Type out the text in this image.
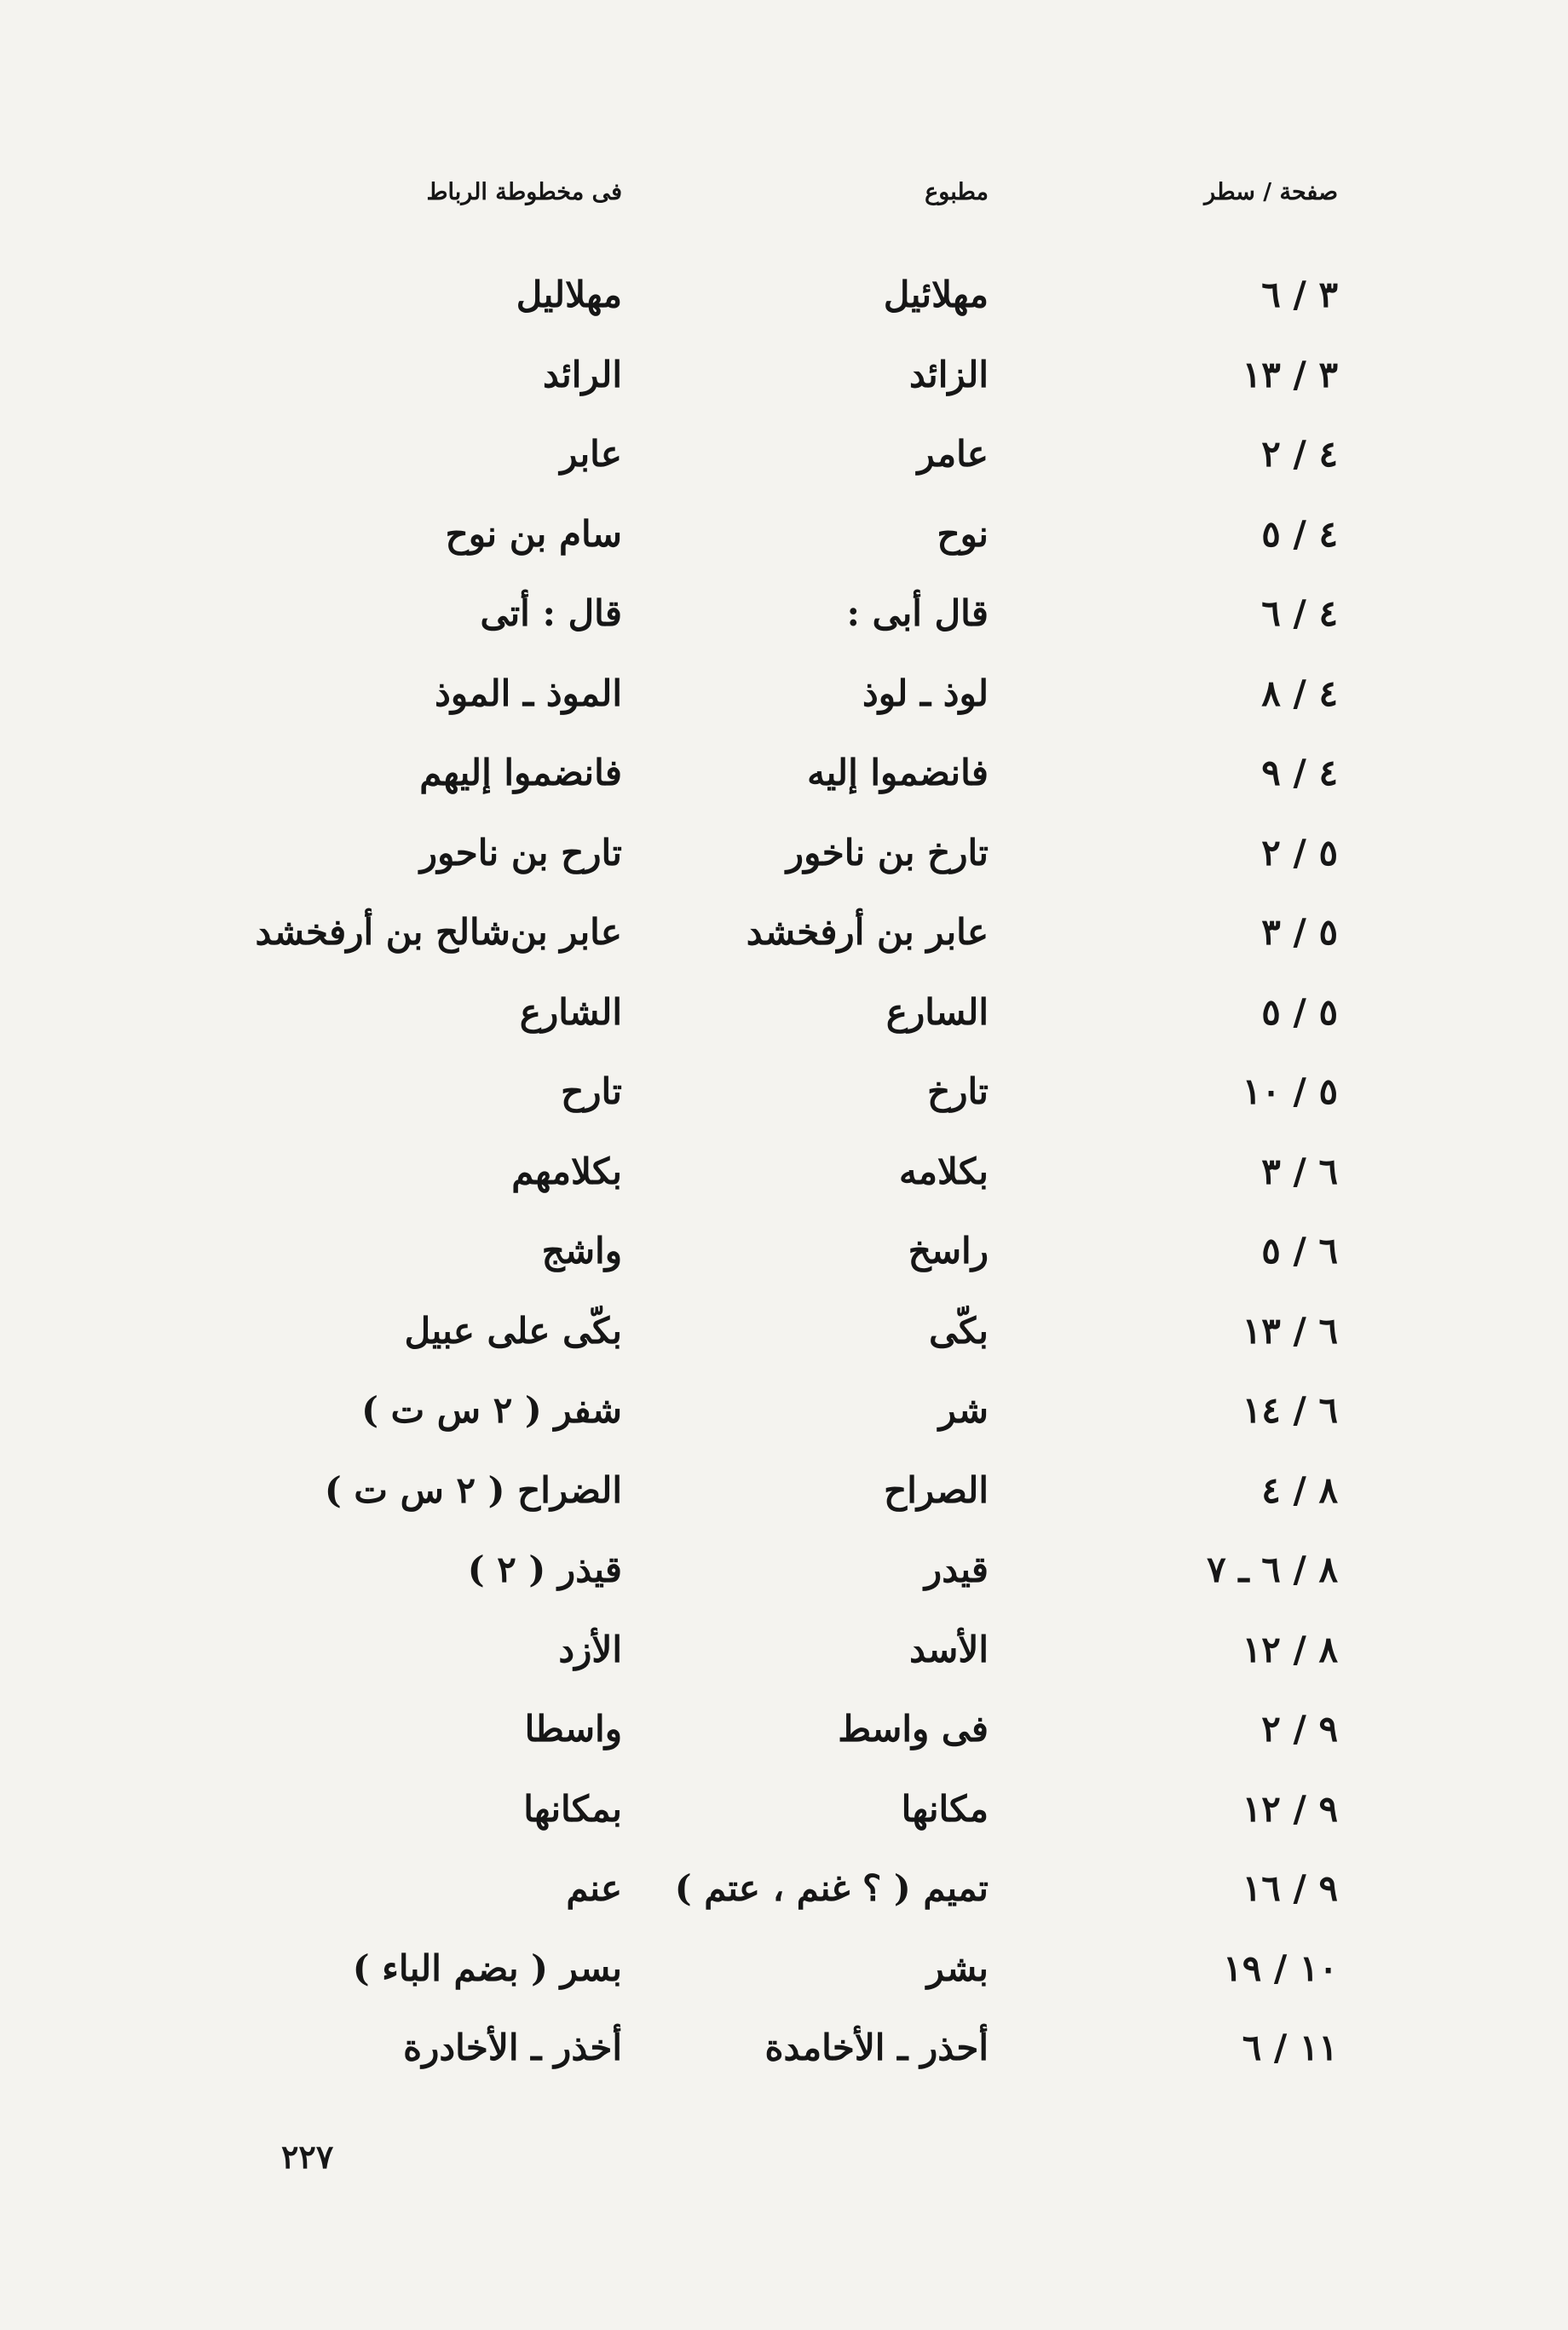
صفحة / سطر
مطبوع
فى مخطوطة الرباط
٣ / ٦
مهلائيل
مهلاليل
٣ / ١٣
الزائد
الرائد
٤ / ٢
عامر
عابر
٤ / ٥
نوح
سام بن نوح
٤ / ٦
قال أبى :
قال : أتى
٤ / ٨
لوذ ـ لوذ
الموذ ـ الموذ
٤ / ٩
فانضموا إليه
فانضموا إليهم
٥ / ٢
تارخ بن ناخور
تارح بن ناحور
٥ / ٣
عابر بن أرفخشد
عابر بن‌شالح بن أرفخشد
٥ / ٥
السارع
الشارع
٥ / ١٠
تارخ
تارح
٦ / ٣
بكلامه
بكلامهم
٦ / ٥
راسخ
واشج
٦ / ١٣
بكّى
بكّى على عبيل
٦ / ١٤
شر
شفر ( ٢ س ت )
٨ / ٤
الصراح
الضراح ( ٢ س ت )
٨ / ٦ ـ ٧
قيدر
قيذر ( ٢ )
٨ / ١٢
الأسد
الأزد
٩ / ٢
فى واسط
واسطا
٩ / ١٢
مكانها
بمكانها
٩ / ١٦
تميم ( ؟ غنم ، عتم )
عنم
١٠ / ١٩
بشر
بسر ( بضم الباء )
١١ / ٦
أحذر ـ الأخامدة
أخذر ـ الأخادرة
٢٢٧
